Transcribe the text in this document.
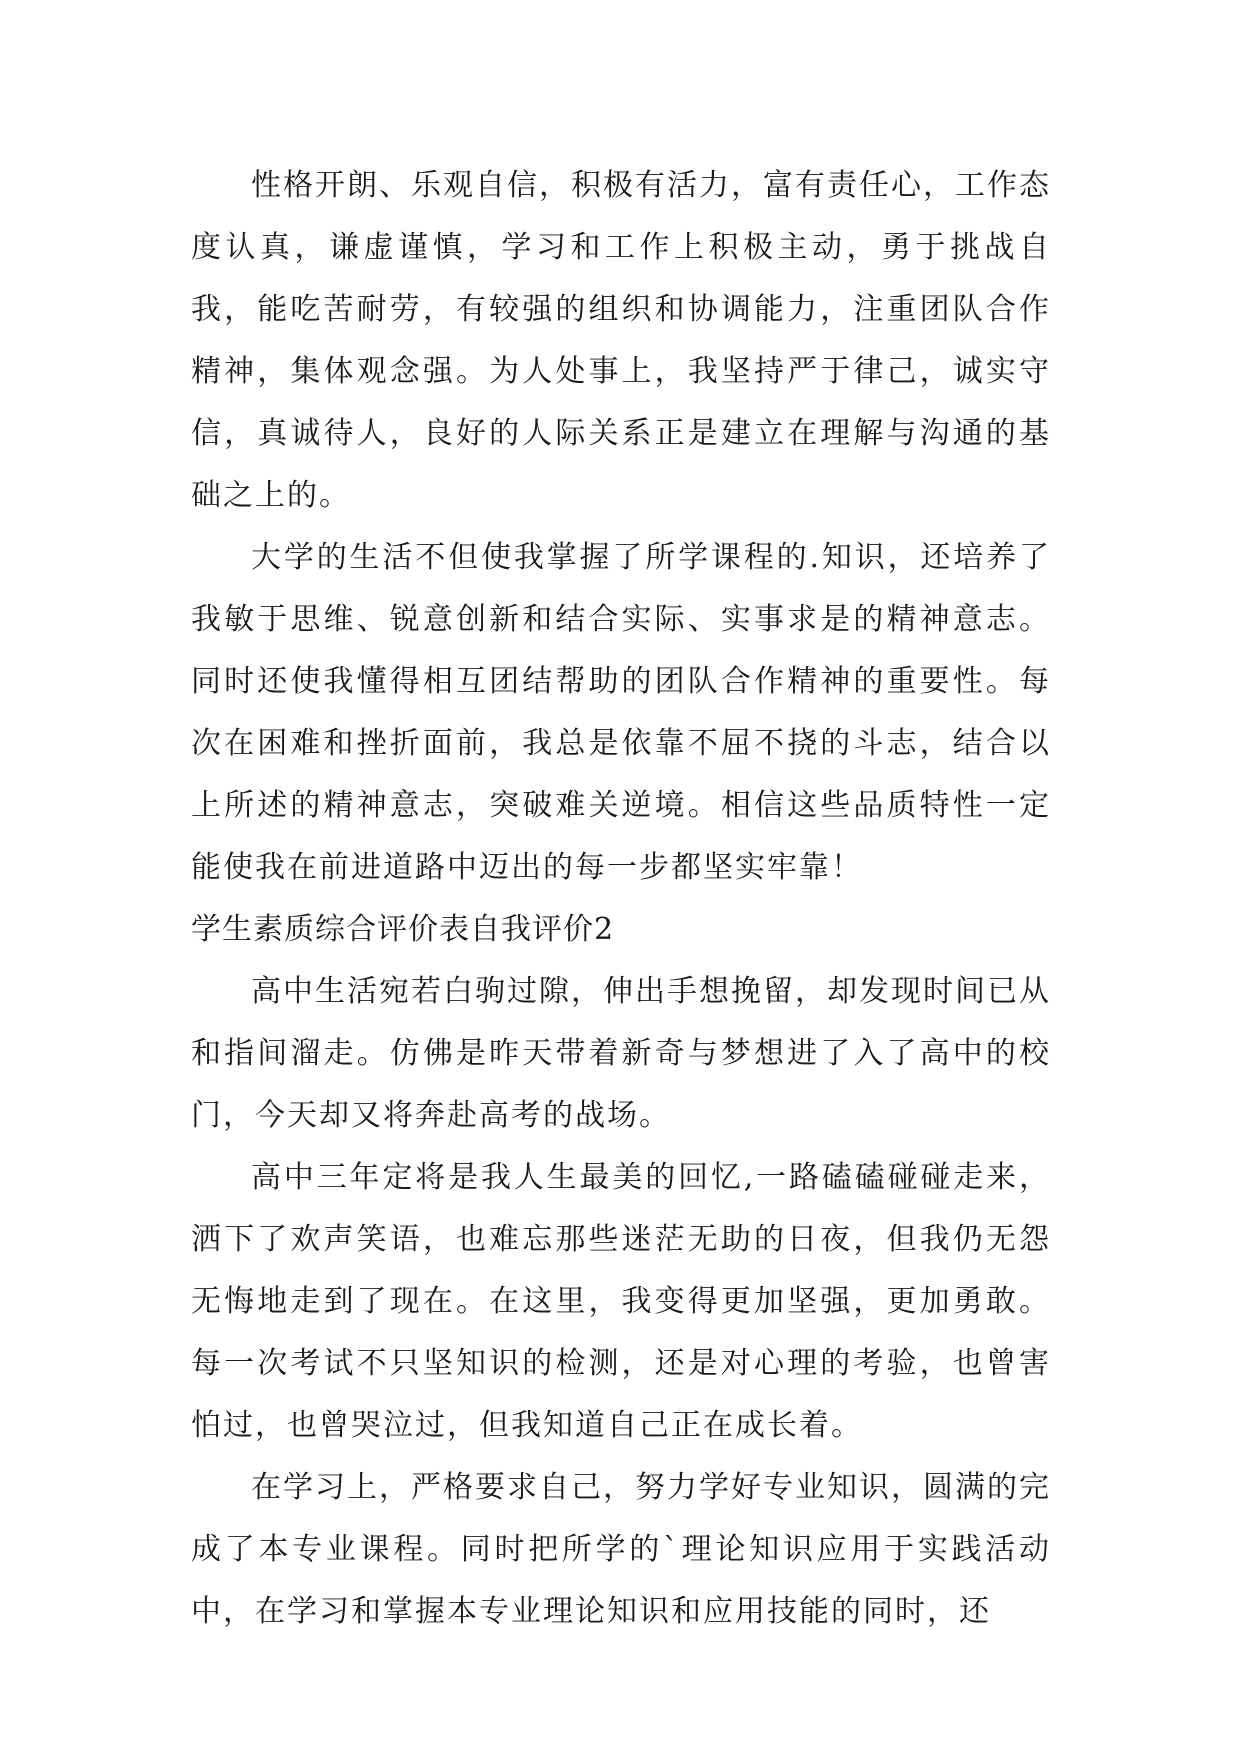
性格开朗、乐观自信，积极有活力，富有责任心，工作态度认真，谦虚谨慎，学习和工作上积极主动，勇于挑战自我，能吃苦耐劳，有较强的组织和协调能力，注重团队合作精神，集体观念强。为人处事上，我坚持严于律己，诚实守信，真诚待人，良好的人际关系正是建立在理解与沟通的基础之上的。

大学的生活不但使我掌握了所学课程的.知识，还培养了我敏于思维、锐意创新和结合实际、实事求是的精神意志。同时还使我懂得相互团结帮助的团队合作精神的重要性。每次在困难和挫折面前，我总是依靠不屈不挠的斗志，结合以上所述的精神意志，突破难关逆境。相信这些品质特性一定能使我在前进道路中迈出的每一步都坚实牢靠！

学生素质综合评价表自我评价2

高中生活宛若白驹过隙，伸出手想挽留，却发现时间已从和指间溜走。仿佛是昨天带着新奇与梦想进了入了高中的校门，今天却又将奔赴高考的战场。

高中三年定将是我人生最美的回忆,一路磕磕碰碰走来，洒下了欢声笑语，也难忘那些迷茫无助的日夜，但我仍无怨无悔地走到了现在。在这里，我变得更加坚强，更加勇敢。每一次考试不只坚知识的检测，还是对心理的考验，也曾害怕过，也曾哭泣过，但我知道自己正在成长着。

在学习上，严格要求自己，努力学好专业知识，圆满的完成了本专业课程。同时把所学的`理论知识应用于实践活动中，在学习和掌握本专业理论知识和应用技能的同时，还
